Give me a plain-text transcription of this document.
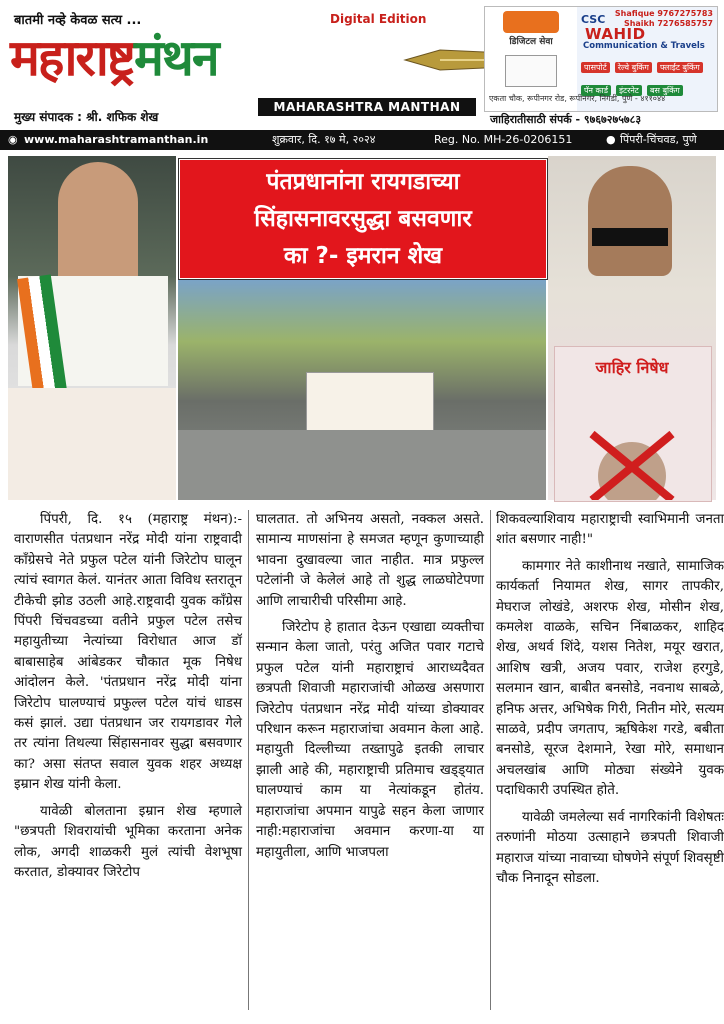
बातमी नव्हे केवळ सत्य ...	Digital Edition
महाराष्ट्रमंथन
MAHARASHTRA MANTHAN
मुख्य संपादक : श्री. शफिक शेख
डिजिटल सेवा
CSC Shafique 9767275783
Shaikh 7276585757
WAHID
Communication & Travels
पासपोर्ट रेल्वे बुकिंग फ्लाईट बुकिंग
पॅन कार्ड इंटरनेट बस बुकिंग
एकता चौक, रूपीनगर रोड, रूपीनगर, निगडी, पुणे - ४११०४४
जाहिरातीसाठी संपर्क - ९७६७२७५७८३
◉ www.maharashtramanthan.in	शुक्रवार, दि. १७ मे, २०२४	Reg. No. MH-26-0206151	● पिंपरी-चिंचवड, पुणे
जाहिर निषेध
पंतप्रधानांना रायगडाच्या
सिंहासनावरसुद्धा बसवणार
का ?- इमरान शेख

पिंपरी, दि. १५ (महाराष्ट्र मंथन):- वाराणसीत पंतप्रधान नरेंद्र मोदी यांना राष्ट्रवादी काँग्रेसचे नेते प्रफुल पटेल यांनी जिरेटोप घालून त्यांचं स्वागत केलं. यानंतर आता विविध स्तरातून टीकेची झोड उठली आहे.राष्ट्रवादी युवक काँग्रेस पिंपरी चिंचवडच्या वतीने प्रफुल पटेल तसेच महायुतीच्या नेत्यांच्या विरोधात आज डॉ बाबासाहेब आंबेडकर चौकात मूक निषेध आंदोलन केले. 'पंतप्रधान नरेंद्र मोदी यांना जिरेटोप घालण्याचं प्रफुल्ल पटेल यांचं धाडस कसं झालं. उद्या पंतप्रधान जर रायगडावर गेले तर त्यांना तिथल्या सिंहासनावर सुद्धा बसवणार का? असा संतप्त सवाल युवक शहर अध्यक्ष इम्रान शेख यांनी केला.

यावेळी बोलताना इम्रान शेख म्हणाले "छत्रपती शिवरायांची भूमिका करताना अनेक लोक, अगदी शाळकरी मुलं त्यांची वेशभूषा करतात, डोक्यावर जिरेटोप

घालतात. तो अभिनय असतो, नक्कल असते. सामान्य माणसांना हे समजत म्हणून कुणाच्याही भावना दुखावल्या जात नाहीत. मात्र प्रफुल्ल पटेलांनी जे केलेलं आहे तो शुद्ध लाळघोटेपणा आणि लाचारीची परिसीमा आहे.

जिरेटोप हे हातात देऊन एखाद्या व्यक्तीचा सन्मान केला जातो, परंतु अजित पवार गटाचे प्रफुल पटेल यांनी महाराष्ट्राचं आराध्यदैवत छत्रपती शिवाजी महाराजांची ओळख असणारा जिरेटोप पंतप्रधान नरेंद्र मोदी यांच्या डोक्यावर परिधान करून महाराजांचा अवमान केला आहे. महायुती दिल्लीच्या तख्तापुढे इतकी लाचार झाली आहे की, महाराष्ट्राची प्रतिमाच खड्ड्यात घालण्याचं काम या नेत्यांकडून होतंय. महाराजांचा अपमान यापुढे सहन केला जाणार नाही:महाराजांचा अवमान करणा-या या महायुतीला, आणि भाजपला

शिकवल्याशिवाय महाराष्ट्राची स्वाभिमानी जनता शांत बसणार नाही!"

कामगार नेते काशीनाथ नखाते, सामाजिक कार्यकर्ता नियामत शेख, सागर तापकीर, मेघराज लोखंडे, अशरफ शेख, मोसीन शेख, कमलेश वाळके, सचिन निंबाळकर, शाहिद शेख, अथर्व शिंदे, यशस नितेश, मयूर खरात, आशिष खत्री, अजय पवार, राजेश हरगुडे, सलमान खान, बाबीत बनसोडे, नवनाथ साबळे, हनिफ अत्तर, अभिषेक गिरी, नितीन मोरे, सत्यम साळवे, प्रदीप जगताप, ऋषिकेश गरडे, बबीता बनसोडे, सूरज देशमाने, रेखा मोरे, समाधान अचलखांब आणि मोठ्या संख्येने युवक पदाधिकारी उपस्थित होते.

यावेळी जमलेल्या सर्व नागरिकांनी विशेषतः तरुणांनी मोठया उत्साहाने छत्रपती शिवाजी महाराज यांच्या नावाच्या घोषणेने संपूर्ण शिवसृष्टी चौक निनादून सोडला.
